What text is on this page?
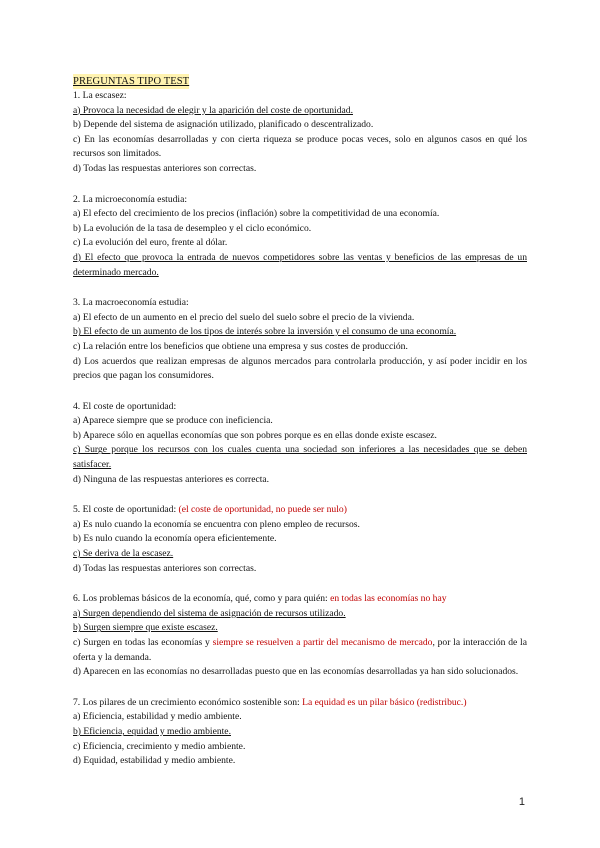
PREGUNTAS TIPO TEST

1. La escasez:

a) Provoca la necesidad de elegir y la aparición del coste de oportunidad.

b) Depende del sistema de asignación utilizado, planificado o descentralizado.

c) En las economías desarrolladas y con cierta riqueza se produce pocas veces, solo en algunos casos en qué los recursos son limitados.

d) Todas las respuestas anteriores son correctas.

2. La microeconomía estudia:

a) El efecto del crecimiento de los precios (inflación) sobre la competitividad de una economía.

b) La evolución de la tasa de desempleo y el ciclo económico.

c) La evolución del euro, frente al dólar.

d) El efecto que provoca la entrada de nuevos competidores sobre las ventas y beneficios de las empresas de un determinado mercado.

3. La macroeconomía estudia:

a) El efecto de un aumento en el precio del suelo del suelo sobre el precio de la vivienda.

b) El efecto de un aumento de los tipos de interés sobre la inversión y el consumo de una economía.

c) La relación entre los beneficios que obtiene una empresa y sus costes de producción.

d) Los acuerdos que realizan empresas de algunos mercados para controlarla producción, y así poder incidir en los precios que pagan los consumidores.

4. El coste de oportunidad:

a) Aparece siempre que se produce con ineficiencia.

b) Aparece sólo en aquellas economías que son pobres porque es en ellas donde existe escasez.

c) Surge porque los recursos con los cuales cuenta una sociedad son inferiores a las necesidades que se deben satisfacer.

d) Ninguna de las respuestas anteriores es correcta.

5. El coste de oportunidad: (el coste de oportunidad, no puede ser nulo)

a) Es nulo cuando la economía se encuentra con pleno empleo de recursos.

b) Es nulo cuando la economía opera eficientemente.

c) Se deriva de la escasez.

d) Todas las respuestas anteriores son correctas.

6. Los problemas básicos de la economía, qué, como y para quién: en todas las economías no hay

a) Surgen dependiendo del sistema de asignación de recursos utilizado.

b) Surgen siempre que existe escasez.

c) Surgen en todas las economías y siempre se resuelven a partir del mecanismo de mercado, por la interacción de la oferta y la demanda.

d) Aparecen en las economías no desarrolladas puesto que en las economías desarrolladas ya han sido solucionados.

7. Los pilares de un crecimiento económico sostenible son: La equidad es un pilar básico (redistribuc.)

a) Eficiencia, estabilidad y medio ambiente.

b) Eficiencia, equidad y medio ambiente.

c) Eficiencia, crecimiento y medio ambiente.

d) Equidad, estabilidad y medio ambiente.

1
